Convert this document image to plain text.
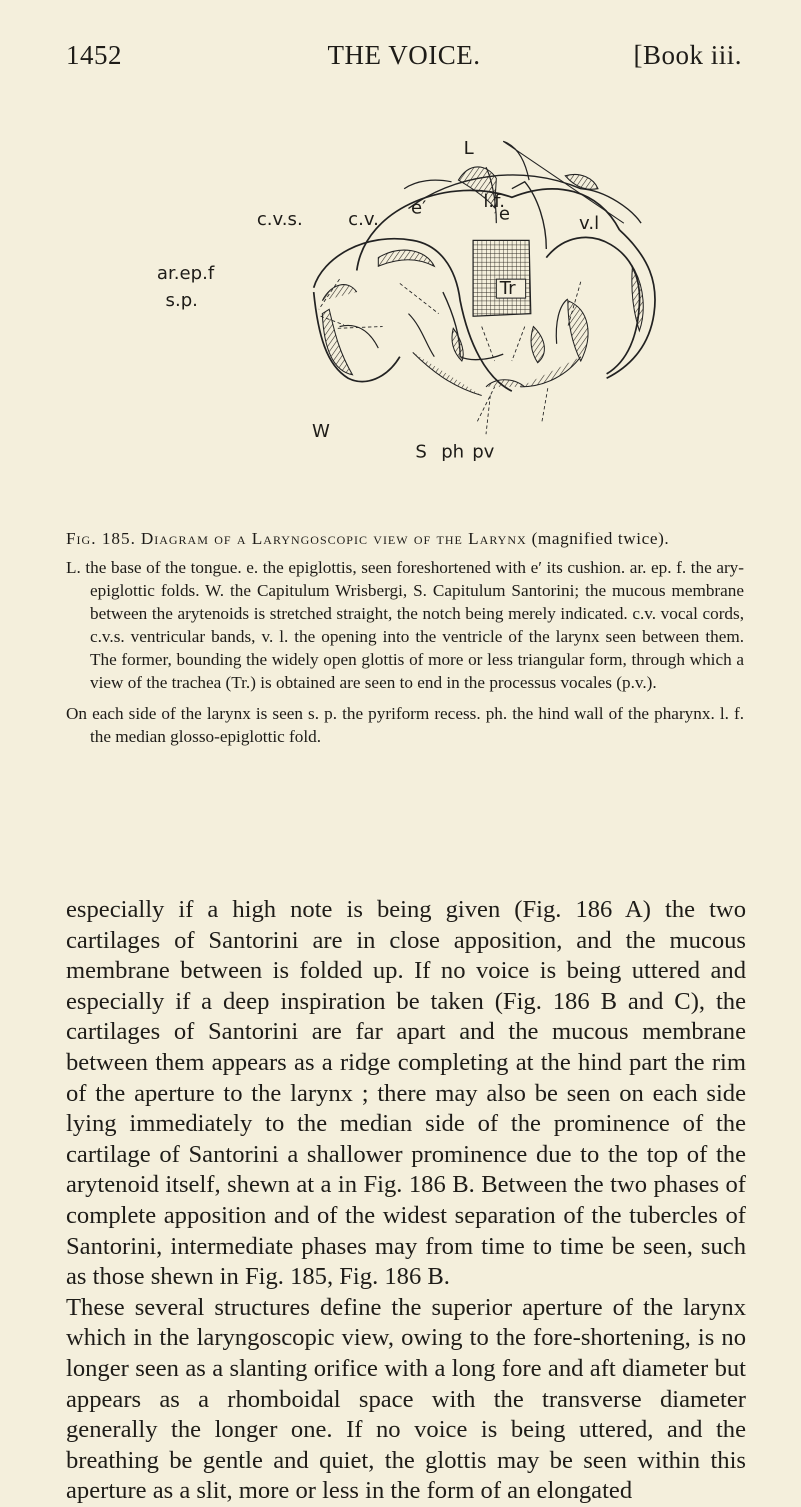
1452	THE VOICE.	[Book iii.
L
l.f.
e′	e
c.v.s. c.v.	v.l
ar.ep.f
s.p.
Tr
W
S ph pv
Fig. 185. Diagram of a Laryngoscopic view of the Larynx (magnified twice).

L. the base of the tongue. e. the epiglottis, seen foreshortened with e′ its cushion. ar. ep. f. the ary-epiglottic folds. W. the Capitulum Wrisbergi, S. Capitulum Santorini; the mucous membrane between the arytenoids is stretched straight, the notch being merely indicated. c.v. vocal cords, c.v.s. ventricular bands, v. l. the opening into the ventricle of the larynx seen between them. The former, bounding the widely open glottis of more or less triangular form, through which a view of the trachea (Tr.) is obtained are seen to end in the processus vocales (p.v.).

On each side of the larynx is seen s. p. the pyriform recess. ph. the hind wall of the pharynx. l. f. the median glosso-epiglottic fold.

especially if a high note is being given (Fig. 186 A) the two cartilages of Santorini are in close apposition, and the mucous membrane between is folded up. If no voice is being uttered and especially if a deep inspiration be taken (Fig. 186 B and C), the cartilages of Santorini are far apart and the mucous membrane between them appears as a ridge completing at the hind part the rim of the aperture to the larynx ; there may also be seen on each side lying immediately to the median side of the prominence of the cartilage of Santorini a shallower prominence due to the top of the arytenoid itself, shewn at a in Fig. 186 B. Between the two phases of complete apposition and of the widest separation of the tubercles of Santorini, intermediate phases may from time to time be seen, such as those shewn in Fig. 185, Fig. 186 B.

These several structures define the superior aperture of the larynx which in the laryngoscopic view, owing to the fore-shortening, is no longer seen as a slanting orifice with a long fore and aft diameter but appears as a rhomboidal space with the transverse diameter generally the longer one. If no voice is being uttered, and the breathing be gentle and quiet, the glottis may be seen within this aperture as a slit, more or less in the form of an elongated
